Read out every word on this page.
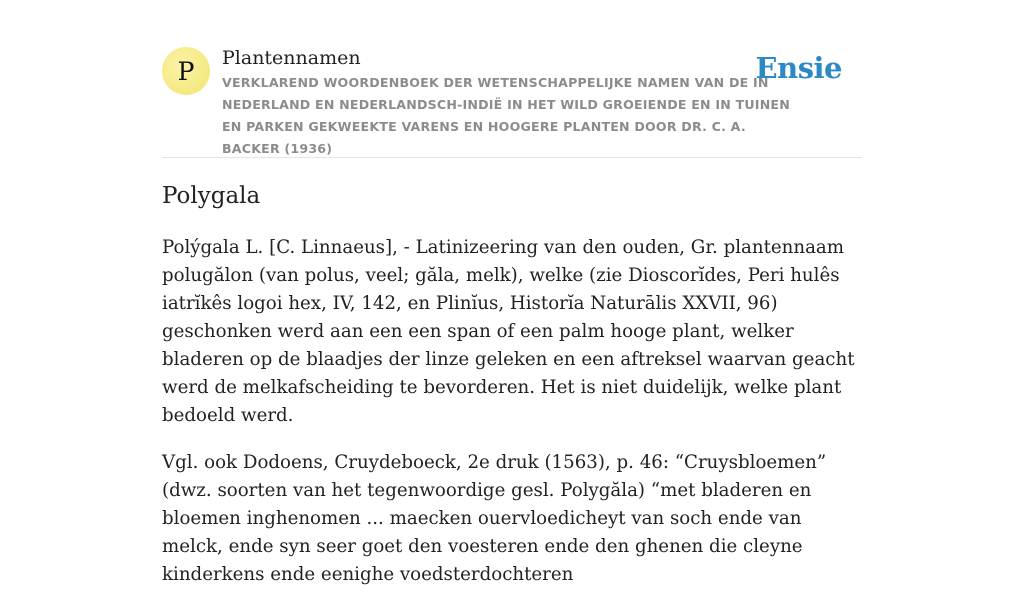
P	Plantennamen
VERKLAREND WOORDENBOEK DER WETENSCHAPPELIJKE NAMEN VAN DE IN NEDERLAND EN NEDERLANDSCH-INDIË IN HET WILD GROEIENDE EN IN TUINEN EN PARKEN GEKWEEKTE VARENS EN HOOGERE PLANTEN DOOR DR. C. A. BACKER (1936)
Ensie
Polygala

Polýgala L. [C. Linnaeus], - Latinizeering van den ouden, Gr. plantennaam polugălon (van polus, veel; găla, melk), welke (zie Dioscorĭdes, Peri hulês iatrĭkês logoi hex, IV, 142, en Plinĭus, Historĭa Naturālis XXVII, 96) geschonken werd aan een een span of een palm hooge plant, welker bladeren op de blaadjes der linze geleken en een aftreksel waarvan geacht werd de melkafscheiding te bevorderen. Het is niet duidelijk, welke plant bedoeld werd.

Vgl. ook Dodoens, Cruydeboeck, 2e druk (1563), p. 46: “Cruysbloemen” (dwz. soorten van het tegenwoordige gesl. Polygăla) “met bladeren en bloemen inghenomen ... maecken ouervloedicheyt van soch ende van melck, ende syn seer goet den voesteren ende den ghenen die cleyne kinderkens ende eenighe voedsterdochteren
